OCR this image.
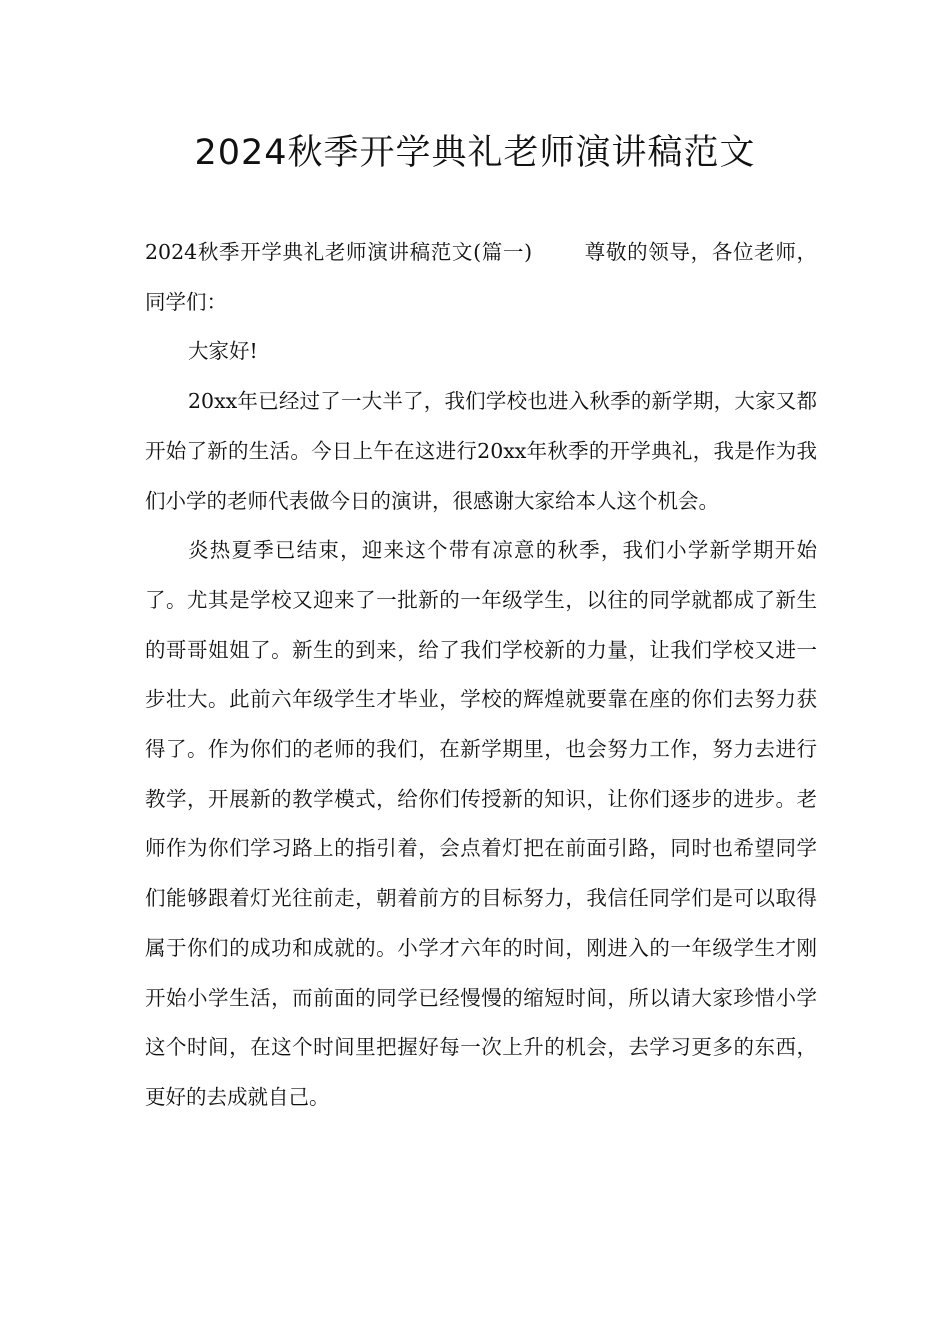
2024秋季开学典礼老师演讲稿范文

2024秋季开学典礼老师演讲稿范文(篇一)	尊敬的领导，各位老师，同学们：

大家好!

20xx年已经过了一大半了，我们学校也进入秋季的新学期，大家又都开始了新的生活。今日上午在这进行20xx年秋季的开学典礼，我是作为我们小学的老师代表做今日的演讲，很感谢大家给本人这个机会。

炎热夏季已结束，迎来这个带有凉意的秋季，我们小学新学期开始了。尤其是学校又迎来了一批新的一年级学生，以往的同学就都成了新生的哥哥姐姐了。新生的到来，给了我们学校新的力量，让我们学校又进一步壮大。此前六年级学生才毕业，学校的辉煌就要靠在座的你们去努力获得了。作为你们的老师的我们，在新学期里，也会努力工作，努力去进行教学，开展新的教学模式，给你们传授新的知识，让你们逐步的进步。老师作为你们学习路上的指引着，会点着灯把在前面引路，同时也希望同学们能够跟着灯光往前走，朝着前方的目标努力，我信任同学们是可以取得属于你们的成功和成就的。小学才六年的时间，刚进入的一年级学生才刚开始小学生活，而前面的同学已经慢慢的缩短时间，所以请大家珍惜小学这个时间，在这个时间里把握好每一次上升的机会，去学习更多的东西，更好的去成就自己。
